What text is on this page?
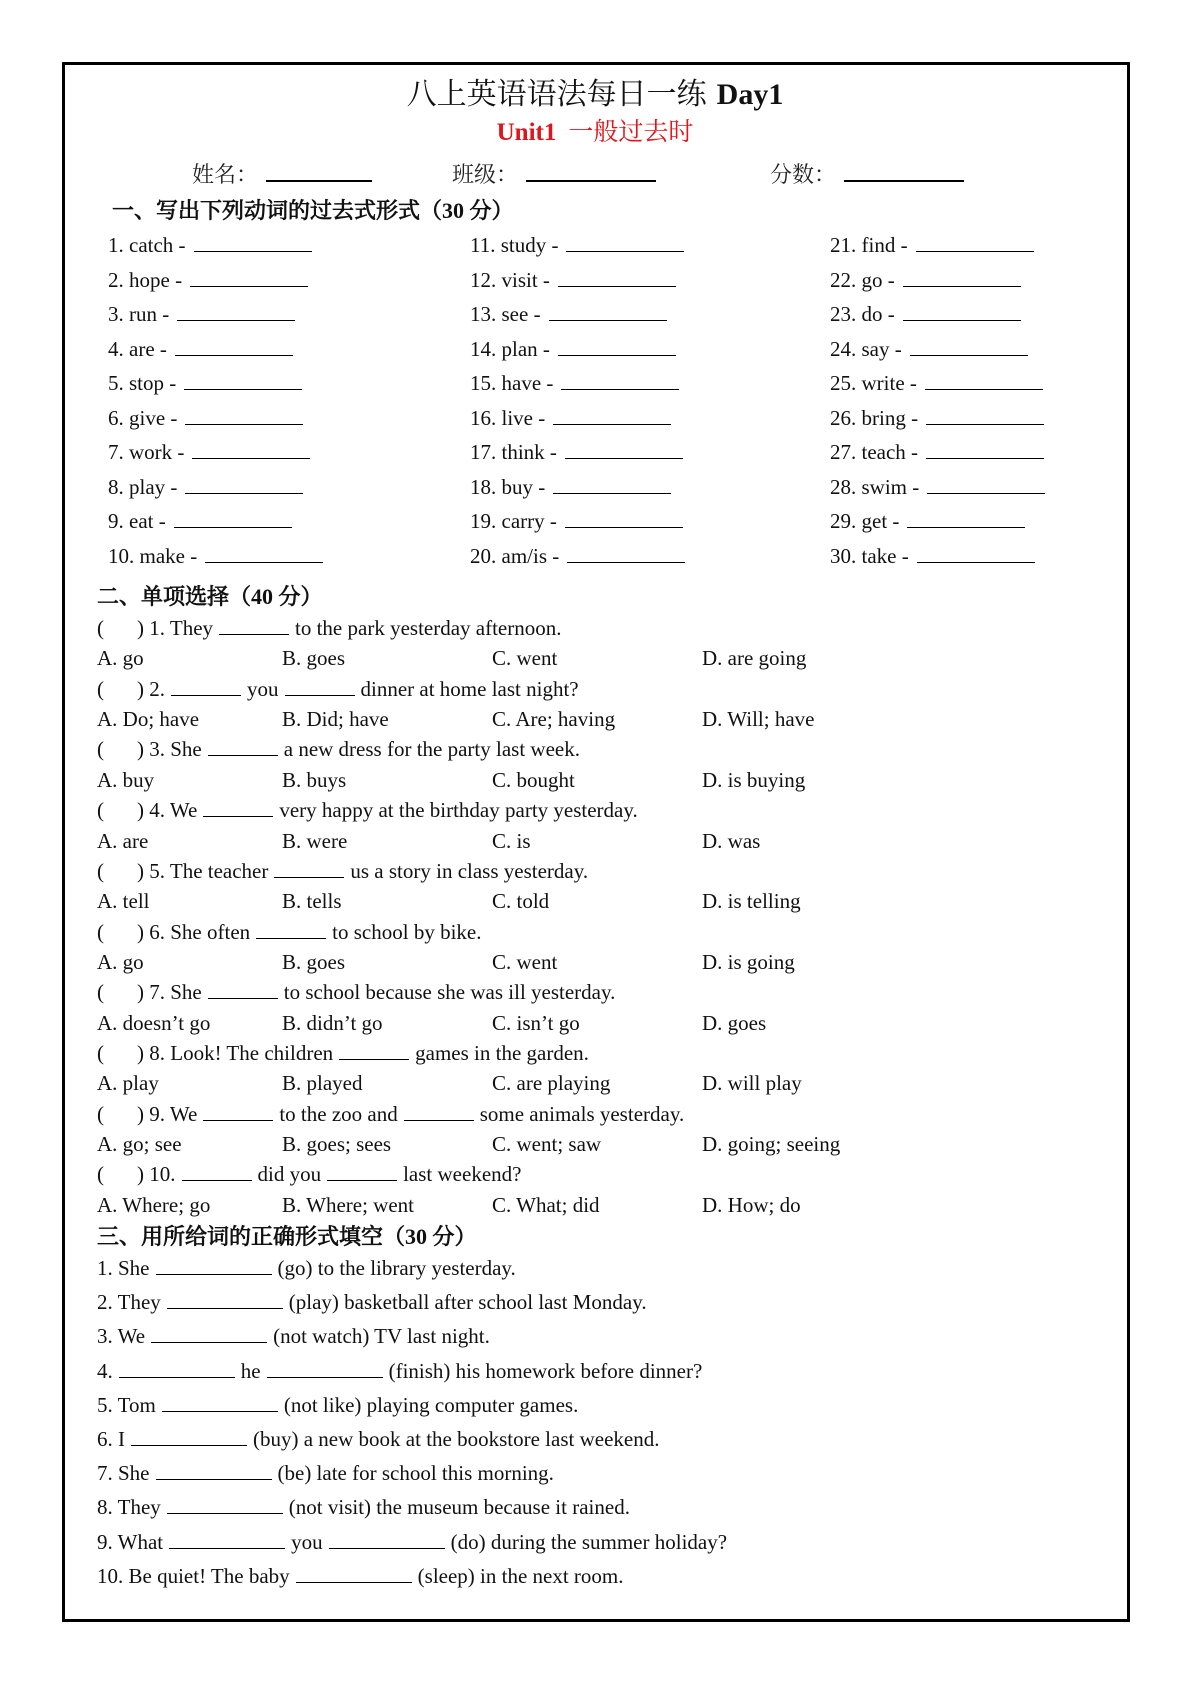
八上英语语法每日一练 Day1
Unit1 一般过去时
姓名：	班级：	分数：
一、写出下列动词的过去式形式（30 分）
1. catch -
2. hope -
3. run -
4. are -
5. stop -
6. give -
7. work -
8. play -
9. eat -
10. make -
11. study -
12. visit -
13. see -
14. plan -
15. have -
16. live -
17. think -
18. buy -
19. carry -
20. am/is -
21. find -
22. go -
23. do -
24. say -
25. write -
26. bring -
27. teach -
28. swim -
29. get -
30. take -
二、单项选择（40 分）
( ) 1. They	to the park yesterday afternoon.
A. go	B. goes	C. went	D. are going
( ) 2.	you	dinner at home last night?
A. Do; have	B. Did; have	C. Are; having	D. Will; have
( ) 3. She	a new dress for the party last week.
A. buy	B. buys	C. bought	D. is buying
( ) 4. We	very happy at the birthday party yesterday.
A. are	B. were	C. is	D. was
( ) 5. The teacher	us a story in class yesterday.
A. tell	B. tells	C. told	D. is telling
( ) 6. She often	to school by bike.
A. go	B. goes	C. went	D. is going
( ) 7. She	to school because she was ill yesterday.
A. doesn’t go	B. didn’t go	C. isn’t go	D. goes
( ) 8. Look! The children	games in the garden.
A. play	B. played	C. are playing	D. will play
( ) 9. We	to the zoo and	some animals yesterday.
A. go; see	B. goes; sees	C. went; saw	D. going; seeing
( ) 10.	did you	last weekend?
A. Where; go	B. Where; went	C. What; did	D. How; do
三、用所给词的正确形式填空（30 分）
1. She	(go) to the library yesterday.
2. They	(play) basketball after school last Monday.
3. We	(not watch) TV last night.
4.	he	(finish) his homework before dinner?
5. Tom	(not like) playing computer games.
6. I	(buy) a new book at the bookstore last weekend.
7. She	(be) late for school this morning.
8. They	(not visit) the museum because it rained.
9. What	you	(do) during the summer holiday?
10. Be quiet! The baby	(sleep) in the next room.
